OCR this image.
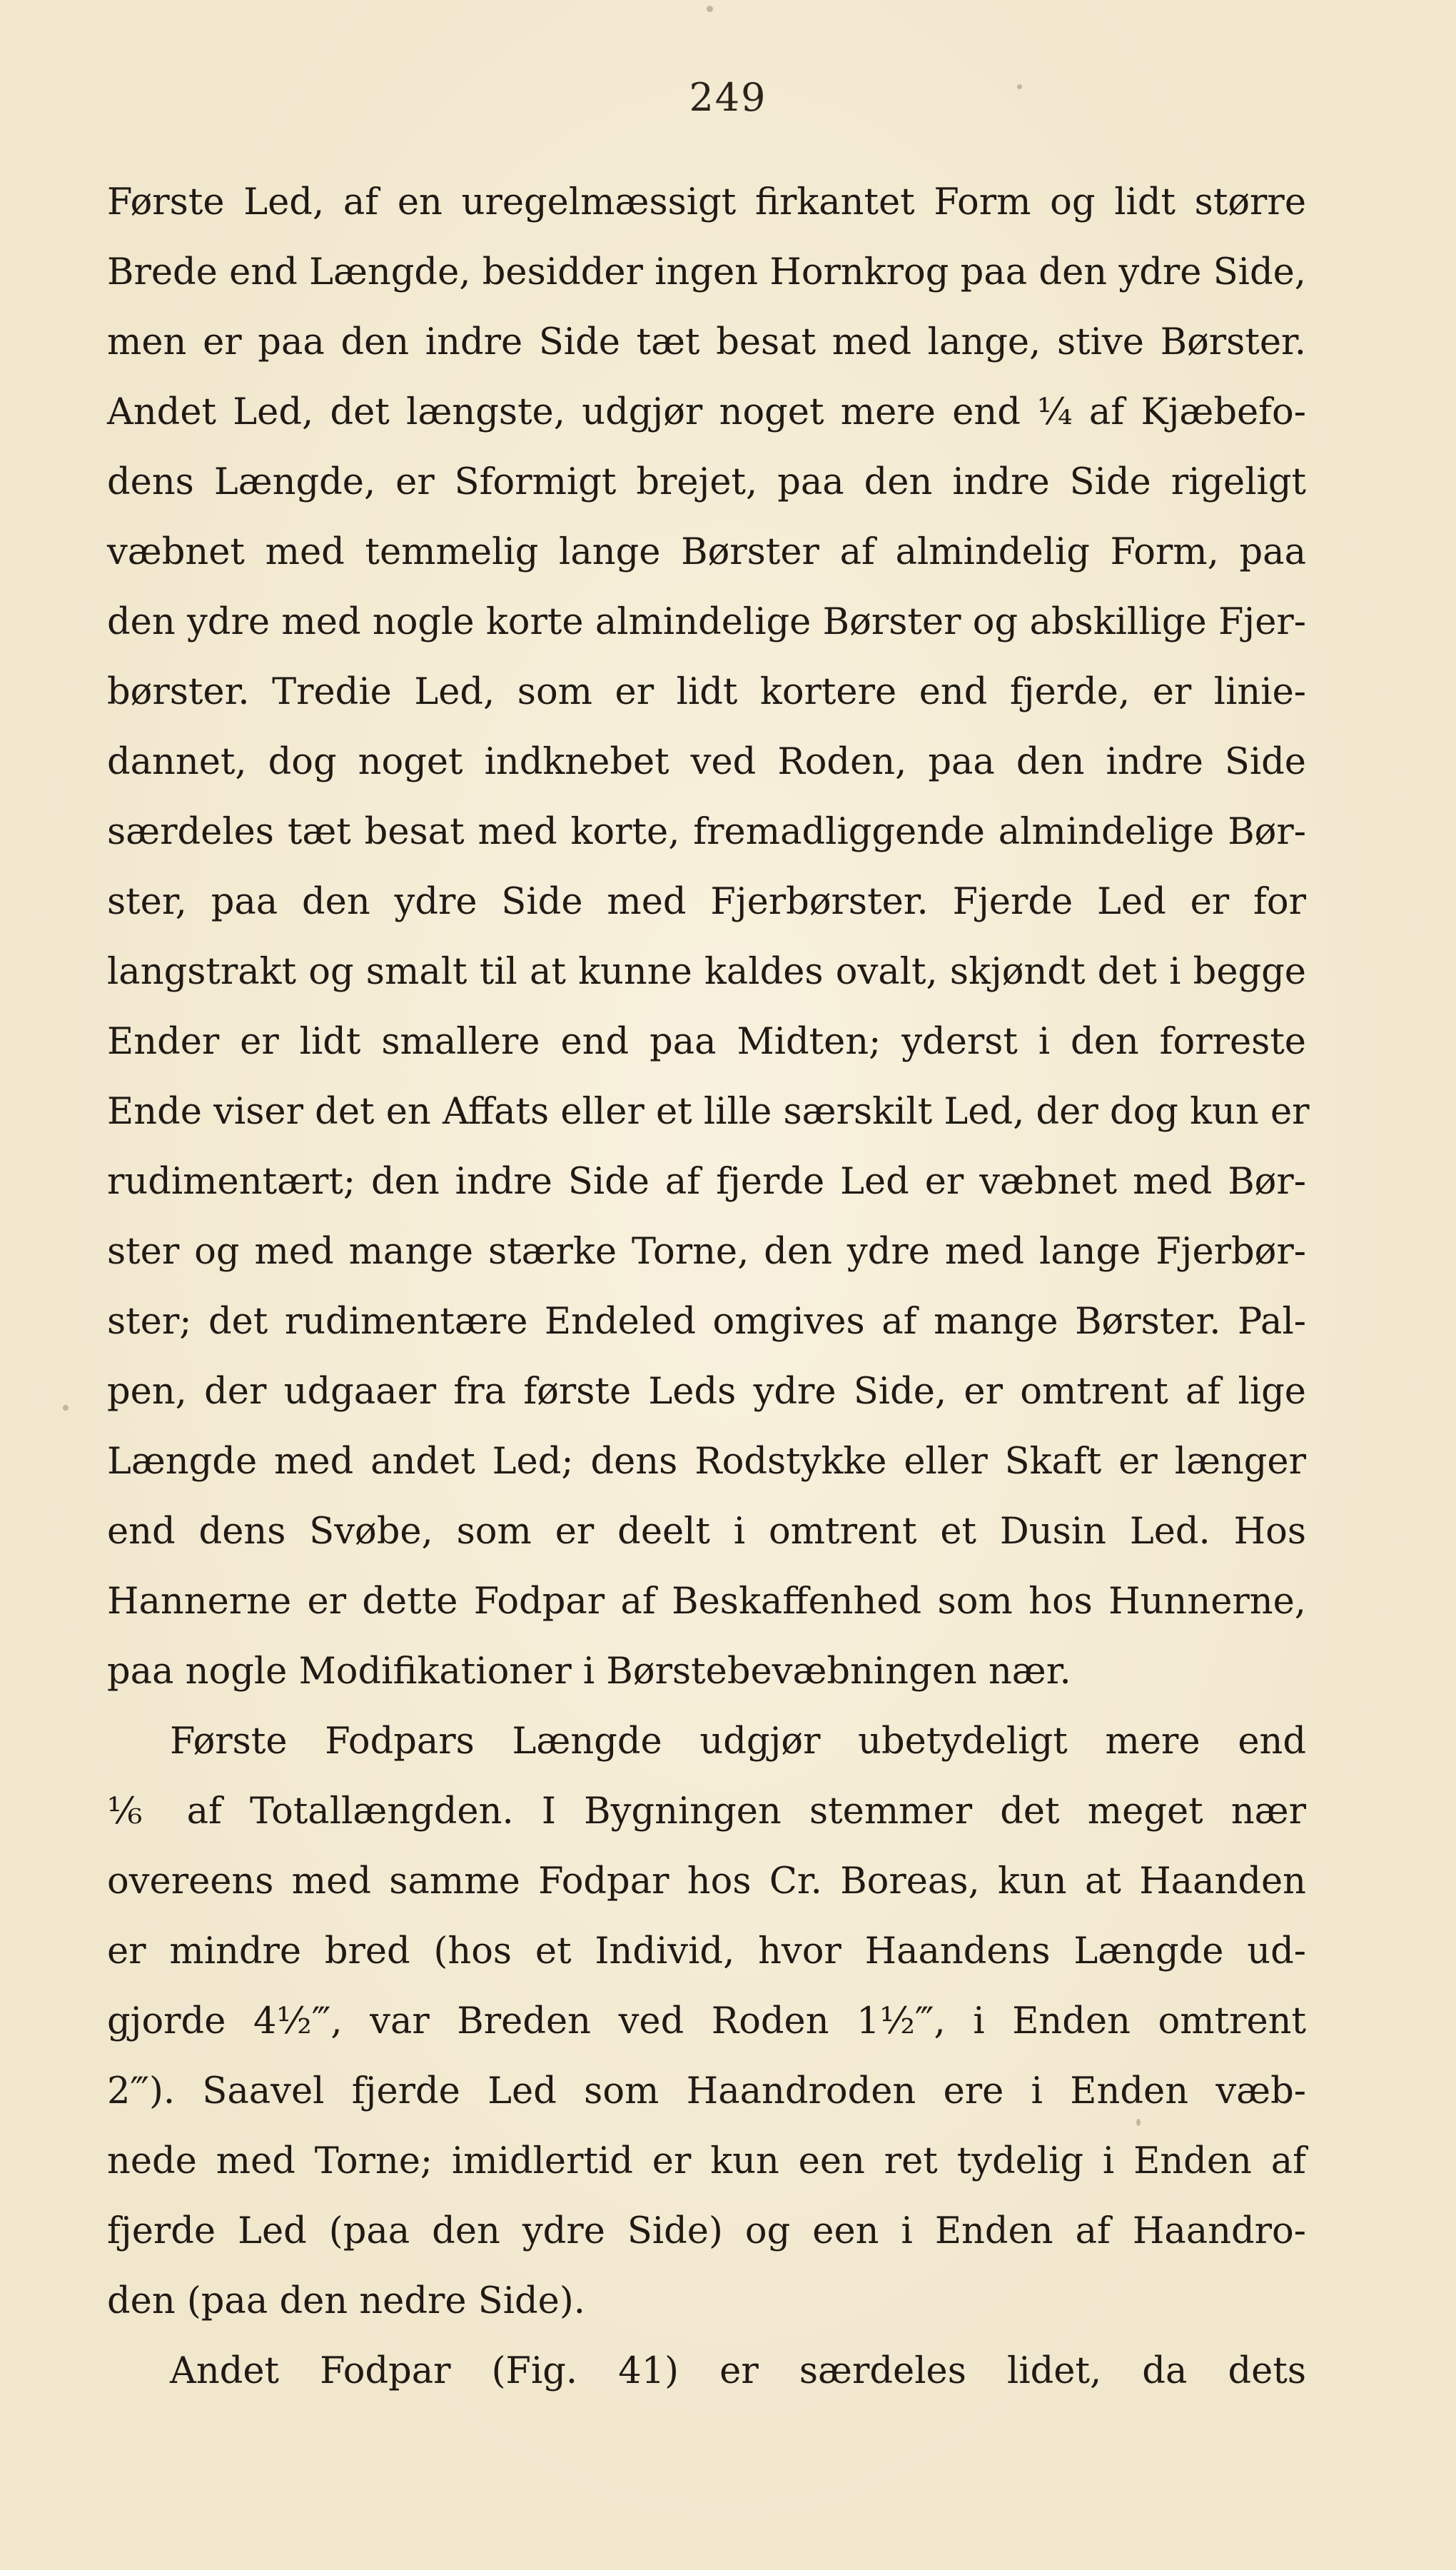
249
Første Led, af en uregelmæssigt firkantet Form og lidt større
Brede end Længde, besidder ingen Hornkrog paa den ydre Side,
men er paa den indre Side tæt besat med lange, stive Børster.
Andet Led, det længste, udgjør noget mere end ¼ af Kjæbefo-
dens Længde, er Sformigt brejet, paa den indre Side rigeligt
væbnet med temmelig lange Børster af almindelig Form, paa
den ydre med nogle korte almindelige Børster og abskillige Fjer-
børster. Tredie Led, som er lidt kortere end fjerde, er linie-
dannet, dog noget indknebet ved Roden, paa den indre Side
særdeles tæt besat med korte, fremadliggende almindelige Bør-
ster, paa den ydre Side med Fjerbørster. Fjerde Led er for
langstrakt og smalt til at kunne kaldes ovalt, skjøndt det i begge
Ender er lidt smallere end paa Midten; yderst i den forreste
Ende viser det en Affats eller et lille særskilt Led, der dog kun er
rudimentært; den indre Side af fjerde Led er væbnet med Bør-
ster og med mange stærke Torne, den ydre med lange Fjerbør-
ster; det rudimentære Endeled omgives af mange Børster. Pal-
pen, der udgaaer fra første Leds ydre Side, er omtrent af lige
Længde med andet Led; dens Rodstykke eller Skaft er længer
end dens Svøbe, som er deelt i omtrent et Dusin Led. Hos
Hannerne er dette Fodpar af Beskaffenhed som hos Hunnerne,
paa nogle Modifikationer i Børstebevæbningen nær.
Første Fodpars Længde udgjør ubetydeligt mere end
⅙ af Totallængden. I Bygningen stemmer det meget nær
overeens med samme Fodpar hos Cr. Boreas, kun at Haanden
er mindre bred (hos et Individ, hvor Haandens Længde ud-
gjorde 4½‴, var Breden ved Roden 1½‴, i Enden omtrent
2‴). Saavel fjerde Led som Haandroden ere i Enden væb-
nede med Torne; imidlertid er kun een ret tydelig i Enden af
fjerde Led (paa den ydre Side) og een i Enden af Haandro-
den (paa den nedre Side).
Andet Fodpar (Fig. 41) er særdeles lidet, da dets
